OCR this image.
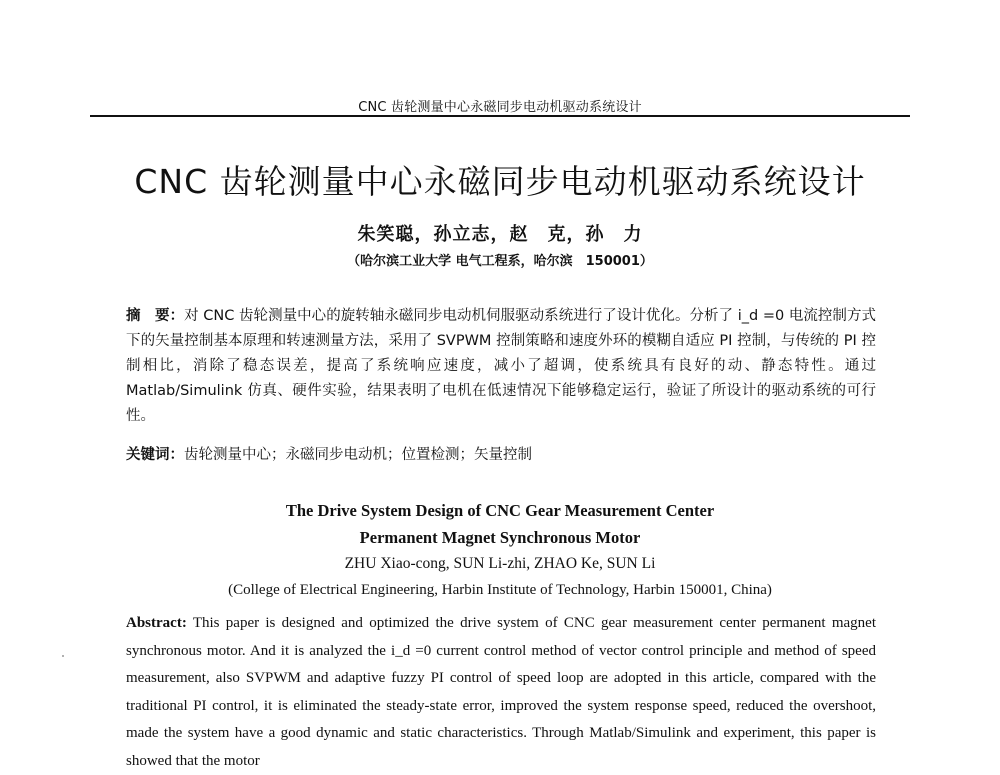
CNC 齿轮测量中心永磁同步电动机驱动系统设计
CNC 齿轮测量中心永磁同步电动机驱动系统设计
朱笑聪，孙立志，赵　克，孙　力
（哈尔滨工业大学 电气工程系，哈尔滨　150001）
摘　要：对 CNC 齿轮测量中心的旋转轴永磁同步电动机伺服驱动系统进行了设计优化。分析了 i_d =0 电流控制方式下的矢量控制基本原理和转速测量方法，采用了 SVPWM 控制策略和速度外环的模糊自适应 PI 控制，与传统的 PI 控制相比，消除了稳态误差，提高了系统响应速度，减小了超调，使系统具有良好的动、静态特性。通过 Matlab/Simulink 仿真、硬件实验，结果表明了电机在低速情况下能够稳定运行，验证了所设计的驱动系统的可行性。
关键词：齿轮测量中心；永磁同步电动机；位置检测；矢量控制
The Drive System Design of CNC Gear Measurement Center
Permanent Magnet Synchronous Motor
ZHU Xiao-cong, SUN Li-zhi, ZHAO Ke, SUN Li
(College of Electrical Engineering, Harbin Institute of Technology, Harbin 150001, China)
Abstract: This paper is designed and optimized the drive system of CNC gear measurement center permanent magnet synchronous motor. And it is analyzed the i_d =0 current control method of vector control principle and method of speed measurement, also SVPWM and adaptive fuzzy PI control of speed loop are adopted in this article, compared with the traditional PI control, it is eliminated the steady-state error, improved the system response speed, reduced the overshoot, made the system have a good dynamic and static characteristics. Through Matlab/Simulink and experiment, this paper is showed that the motor
